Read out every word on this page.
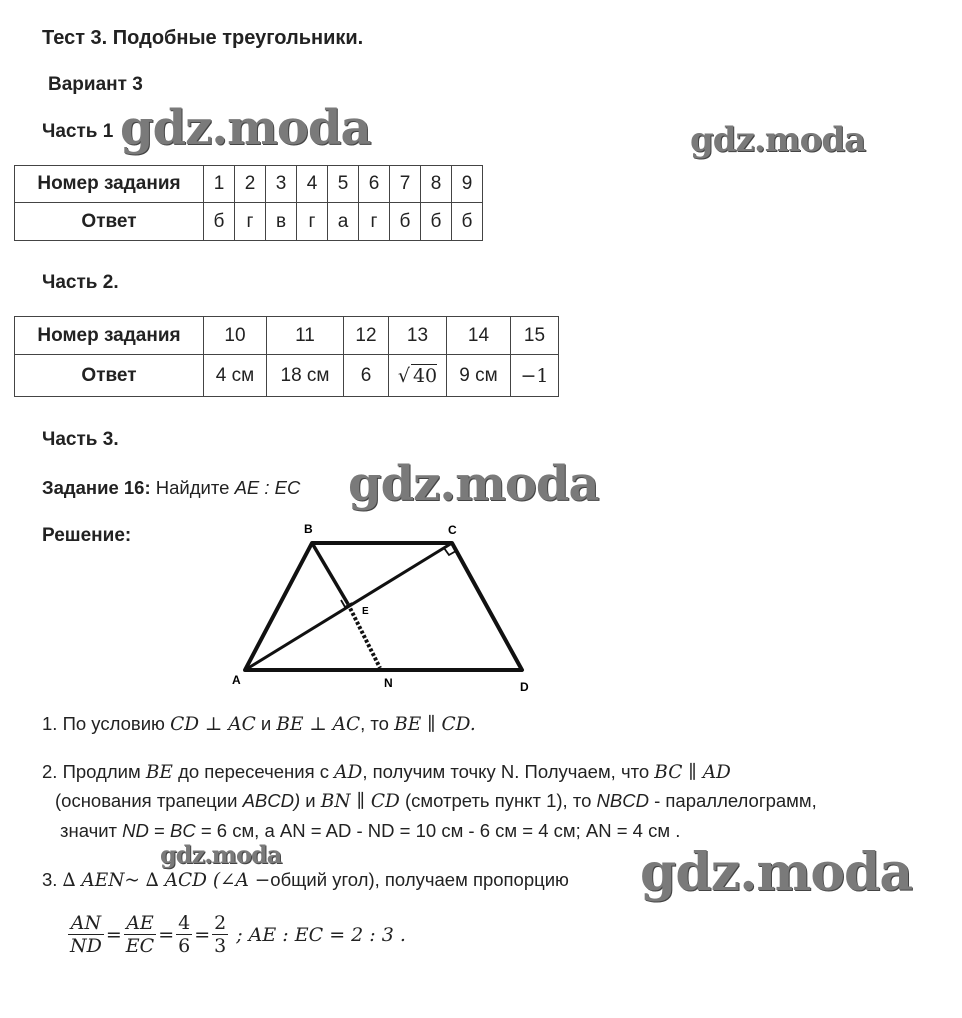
Тест 3. Подобные треугольники.
Вариант 3
Часть 1
Номер задания	1	2	3	4	5	6	7	8	9
Ответ	б	г	в	г	а	г	б	б	б
Часть 2.
Номер задания	10	11	12	13	14	15
Ответ	4 см	18 см	6	√ 40	9 см	−1
Часть 3.
Задание 16: Найдите AE : EC
Решение:	B	C
A	D
E
N
1. По условию CD ⊥ AC и BE ⊥ AC, то BE ∥ CD.
2. Продлим BE до пересечения с AD, получим точку N. Получаем, что BC ∥ AD
(основания трапеции ABCD) и BN ∥ CD (смотреть пункт 1), то NBCD - параллелограмм,
значит ND = BC = 6 см, а AN = AD - ND = 10 см - 6 см = 4 см; AN = 4 см .
3. ∆ AEN~ ∆ ACD (∠A −общий угол), получаем пропорцию
$\frac{AN}{ND} = \frac{AE}{EC} = \frac{4}{6} = \frac{2}{3}$ ; AE : EC = 2 : 3 .
gdz.moda	gdz.moda
gdz.moda
gdz.moda	gdz.moda
